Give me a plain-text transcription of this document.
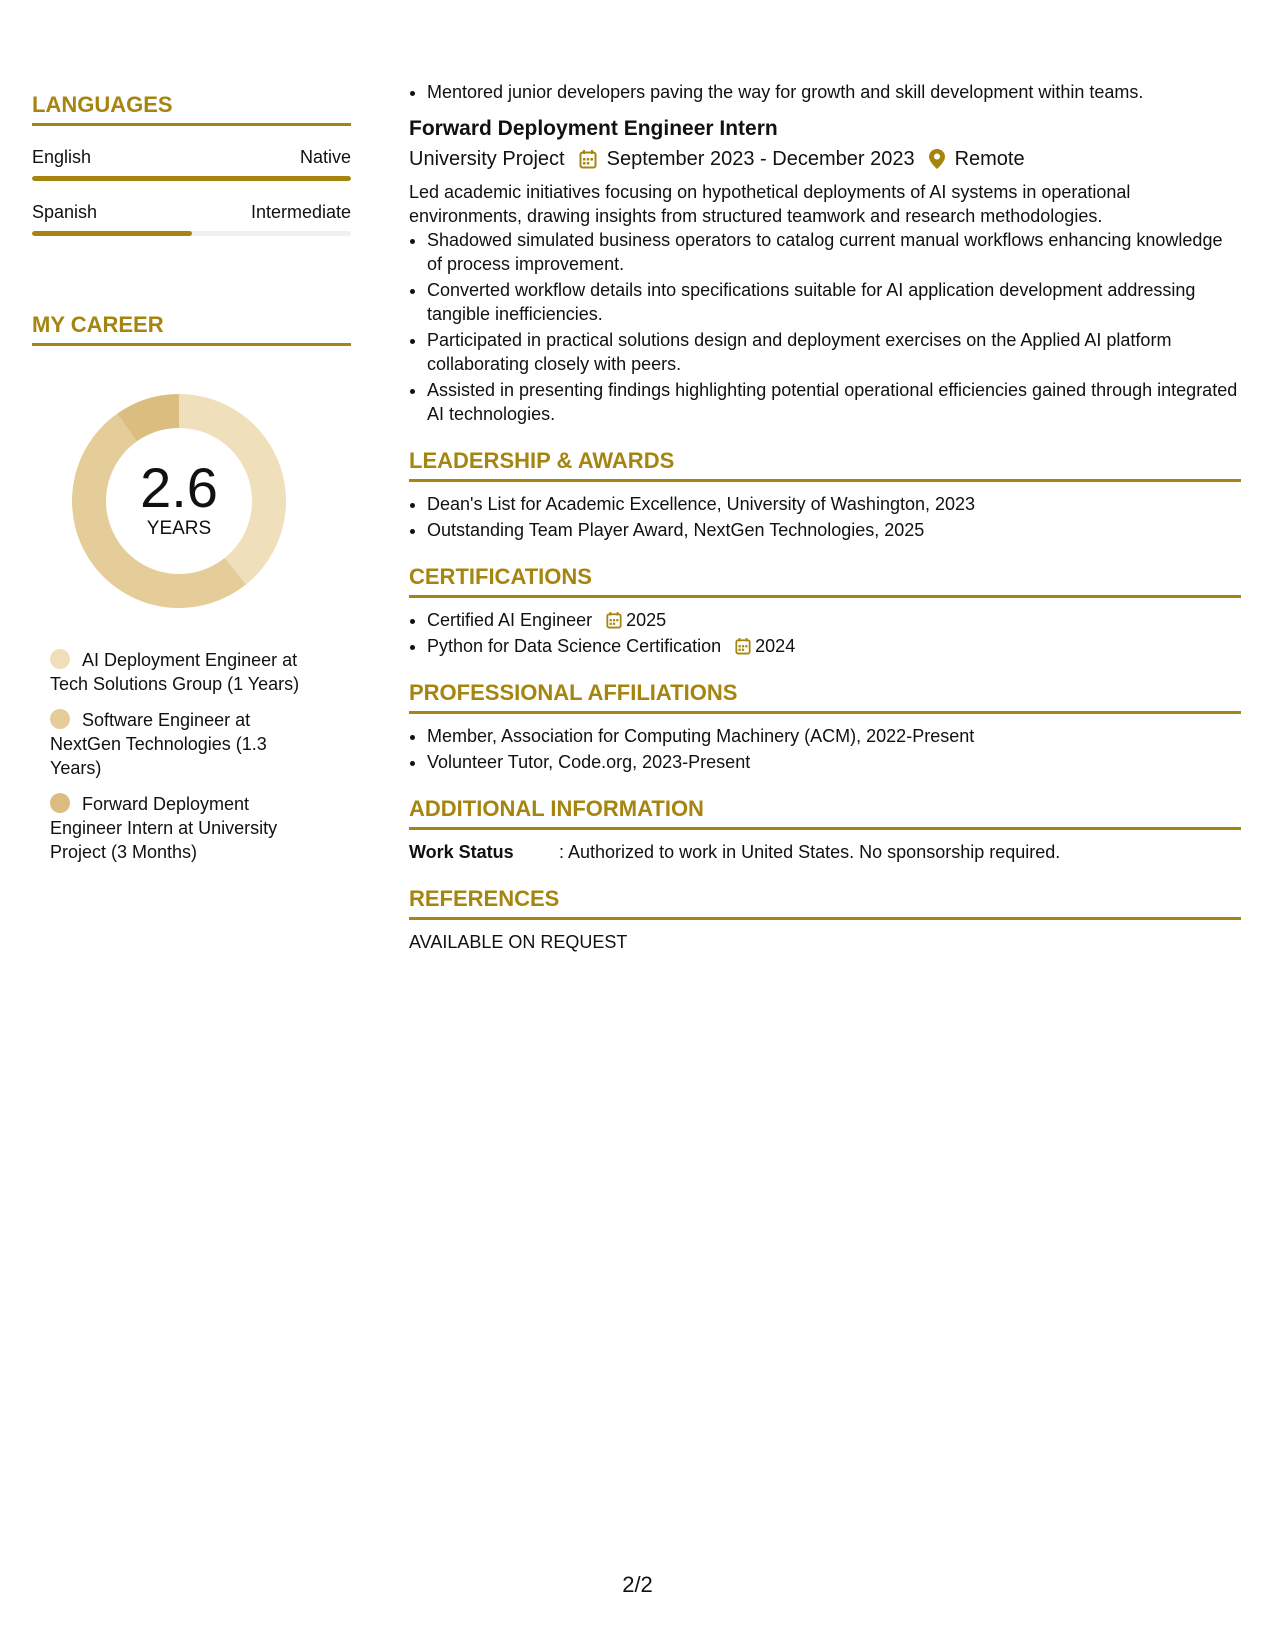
LANGUAGES
English	Native
Spanish	Intermediate
MY CAREER
2.6
YEARS
AI Deployment Engineer at Tech Solutions Group (1 Years)
Software Engineer at NextGen Technologies (1.3 Years)
Forward Deployment Engineer Intern at University Project (3 Months)
• Mentored junior developers paving the way for growth and skill development within teams.
Forward Deployment Engineer Intern
University Project September 2023 - December 2023 Remote
Led academic initiatives focusing on hypothetical deployments of AI systems in operational environments, drawing insights from structured teamwork and research methodologies.
• Shadowed simulated business operators to catalog current manual workflows enhancing knowledge of process improvement.
• Converted workflow details into specifications suitable for AI application development addressing tangible inefficiencies.
• Participated in practical solutions design and deployment exercises on the Applied AI platform collaborating closely with peers.
• Assisted in presenting findings highlighting potential operational efficiencies gained through integrated AI technologies.
LEADERSHIP & AWARDS
• Dean's List for Academic Excellence, University of Washington, 2023
• Outstanding Team Player Award, NextGen Technologies, 2025
CERTIFICATIONS
• Certified AI Engineer 2025
• Python for Data Science Certification 2024
PROFESSIONAL AFFILIATIONS
• Member, Association for Computing Machinery (ACM), 2022-Present
• Volunteer Tutor, Code.org, 2023-Present
ADDITIONAL INFORMATION
Work Status	: Authorized to work in United States. No sponsorship required.
REFERENCES
AVAILABLE ON REQUEST
2/2
